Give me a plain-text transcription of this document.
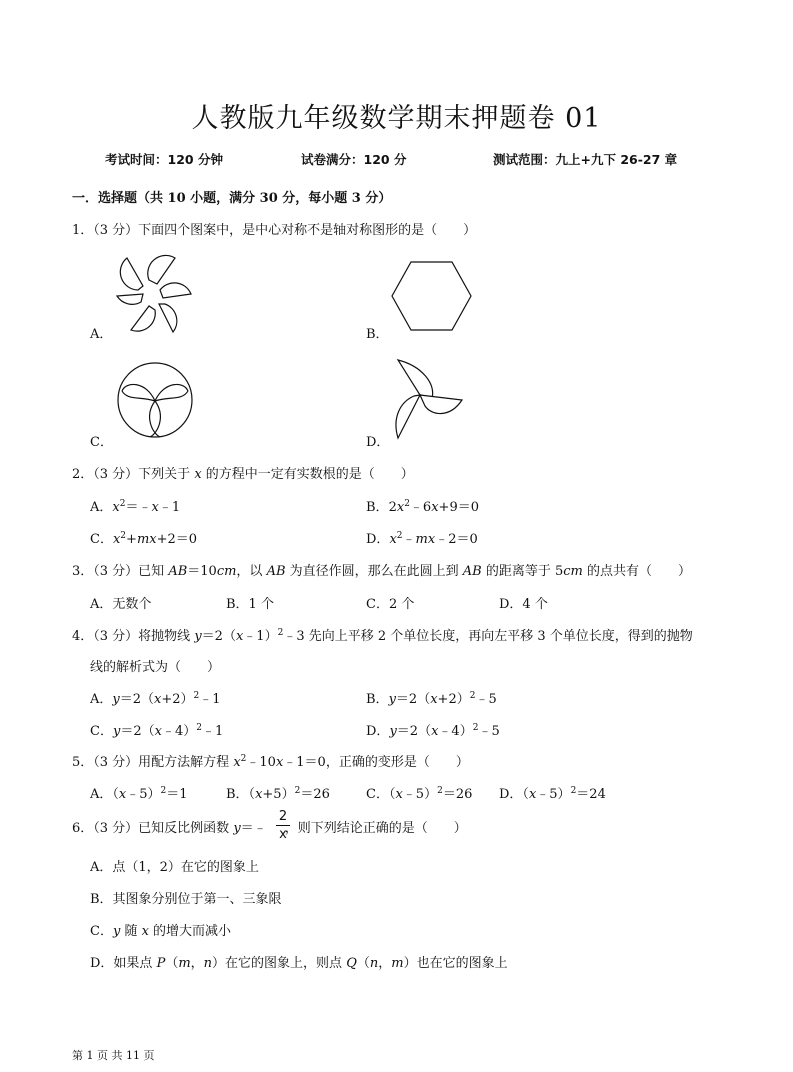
人教版九年级数学期末押题卷 01
考试时间：120 分钟	试卷满分：120 分	测试范围：九上+九下 26-27 章
一．选择题（共 10 小题，满分 30 分，每小题 3 分）
1．（3 分）下面四个图案中，是中心对称不是轴对称图形的是（　　）
A．	B．
C．	D．
2．（3 分）下列关于 x 的方程中一定有实数根的是（　　）
A．$x^2=﹣x﹣1$	B．$2x^2﹣6x+9=0$
C．$x^2+mx+2=0$	D．$x^2﹣mx﹣2=0$
3．（3 分）已知 AB＝10cm，以 AB 为直径作圆，那么在此圆上到 AB 的距离等于 5cm 的点共有（　　）
A．无数个	B．1 个	C．2 个	D．4 个
4．（3 分）将抛物线 y＝2（x﹣1）$^2$﹣3 先向上平移 2 个单位长度，再向左平移 3 个单位长度，得到的抛物
线的解析式为（　　）
A．$y=2(x+2)^2﹣1$	B．$y=2(x+2)^2﹣5$
C．y＝2（x﹣4）$^2$﹣1	D．y＝2（x﹣4）$^2$﹣5
5．（3 分）用配方法解方程 $x^2﹣10x﹣1=0$，正确的变形是（　　）
A．（x﹣5）$^2$＝1	B．$(x+5)^2=26$	C．（x﹣5）$^2$＝26 D．（x﹣5）$^2$＝24
6．（3 分）已知反比例函数 y＝﹣ ，则下列结论正确的是（　　）
2
x
A．点（1，2）在它的图象上
B．其图象分别位于第一、三象限
C．y 随 x 的增大而减小
D．如果点 P（m，n）在它的图象上，则点 Q（n，m）也在它的图象上
第 1 页 共 11 页
